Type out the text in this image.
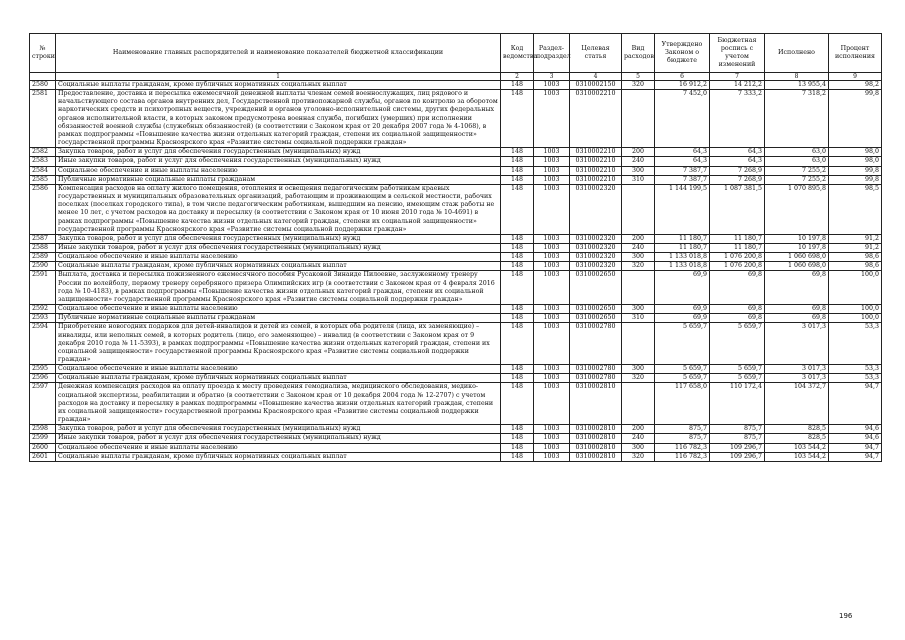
№ строки	Наименование главных распорядителей и наименование показателей бюджетной классификации	Код ведомства	Раздел-подраздел	Целевая статья	Вид расходов	Утверждено Законом о бюджете	Бюджетная роспись с учетом изменений	Исполнено	Процент исполнения
	1	2	3	4	5	6	7	8	9
2580	Социальные выплаты гражданам, кроме публичных нормативных социальных выплат	148	1003	0310002150	320	16 912,2	14 212,2	13 955,4	98,2
2581	Предоставление, доставка и пересылка ежемесячной денежной выплаты членам семей военнослужащих, лиц рядового и начальствующего состава органов внутренних дел, Государственной противопожарной службы, органов по контролю за оборотом наркотических средств и психотропных веществ, учреждений и органов уголовно-исполнительной системы, других федеральных органов исполнительной власти, в которых законом предусмотрена военная служба, погибших (умерших) при исполнении обязанностей военной службы (служебных обязанностей) (в соответствии с Законом края от 20 декабря 2007 года № 4-1068), в рамках подпрограммы «Повышение качества жизни отдельных категорий граждан, степени их социальной защищенности» государственной программы Красноярского края «Развитие системы социальной поддержки граждан»	148	1003	0310002210		7 452,0	7 333,2	7 318,2	99,8
2582	Закупка товаров, работ и услуг для обеспечения государственных (муниципальных) нужд	148	1003	0310002210	200	64,3	64,3	63,0	98,0
2583	Иные закупки товаров, работ и услуг для обеспечения государственных (муниципальных) нужд	148	1003	0310002210	240	64,3	64,3	63,0	98,0
2584	Социальное обеспечение и иные выплаты населению	148	1003	0310002210	300	7 387,7	7 268,9	7 255,2	99,8
2585	Публичные нормативные социальные выплаты гражданам	148	1003	0310002210	310	7 387,7	7 268,9	7 255,2	99,8
2586	Компенсация расходов на оплату жилого помещения, отопления и освещения педагогическим работникам краевых государственных и муниципальных образовательных организаций, работающим и проживающим в сельской местности, рабочих поселках (поселках городского типа), в том числе педагогическим работникам, вышедшим на пенсию, имеющим стаж работы не менее 10 лет, с учетом расходов на доставку и пересылку (в соответствии с Законом края от 10 июня 2010 года № 10-4691) в рамках подпрограммы «Повышение качества жизни отдельных категорий граждан, степени их социальной защищенности» государственной программы Красноярского края «Развитие системы социальной поддержки граждан»	148	1003	0310002320		1 144 199,5	1 087 381,5	1 070 895,8	98,5
2587	Закупка товаров, работ и услуг для обеспечения государственных (муниципальных) нужд	148	1003	0310002320	200	11 180,7	11 180,7	10 197,8	91,2
2588	Иные закупки товаров, работ и услуг для обеспечения государственных (муниципальных) нужд	148	1003	0310002320	240	11 180,7	11 180,7	10 197,8	91,2
2589	Социальное обеспечение и иные выплаты населению	148	1003	0310002320	300	1 133 018,8	1 076 200,8	1 060 698,0	98,6
2590	Социальные выплаты гражданам, кроме публичных нормативных социальных выплат	148	1003	0310002320	320	1 133 018,8	1 076 200,8	1 060 698,0	98,6
2591	Выплата, доставка и пересылка пожизненного ежемесячного пособия Русаковой Зинаиде Пилоевне, заслуженному тренеру России по волейболу, первому тренеру серебряного призера Олимпийских игр (в соответствии с Законом края от 4 февраля 2016 года № 10-4183), в рамках подпрограммы «Повышение качества жизни отдельных категорий граждан, степени их социальной защищенности» государственной программы Красноярского края «Развитие системы социальной поддержки граждан»	148	1003	0310002650		69,9	69,8	69,8	100,0
2592	Социальное обеспечение и иные выплаты населению	148	1003	0310002650	300	69,9	69,8	69,8	100,0
2593	Публичные нормативные социальные выплаты гражданам	148	1003	0310002650	310	69,9	69,8	69,8	100,0
2594	Приобретение новогодних подарков для детей-инвалидов и детей из семей, в которых оба родителя (лица, их заменяющие) – инвалиды, или неполных семей, в которых родитель (лицо, его заменяющее) – инвалид (в соответствии с Законом края от 9 декабря 2010 года № 11-5393), в рамках подпрограммы «Повышение качества жизни отдельных категорий граждан, степени их социальной защищенности» государственной программы Красноярского края «Развитие системы социальной поддержки граждан»	148	1003	0310002780		5 659,7	5 659,7	3 017,3	53,3
2595	Социальное обеспечение и иные выплаты населению	148	1003	0310002780	300	5 659,7	5 659,7	3 017,3	53,3
2596	Социальные выплаты гражданам, кроме публичных нормативных социальных выплат	148	1003	0310002780	320	5 659,7	5 659,7	3 017,3	53,3
2597	Денежная компенсация расходов на оплату проезда к месту проведения гемодиализа, медицинского обследования, медико-социальной экспертизы, реабилитации и обратно (в соответствии с Законом края от 10 декабря 2004 года № 12-2707) с учетом расходов на доставку и пересылку в рамках подпрограммы «Повышение качества жизни отдельных категорий граждан, степени их социальной защищенности» государственной программы Красноярского края «Развитие системы социальной поддержки граждан»	148	1003	0310002810		117 658,0	110 172,4	104 372,7	94,7
2598	Закупка товаров, работ и услуг для обеспечения государственных (муниципальных) нужд	148	1003	0310002810	200	875,7	875,7	828,5	94,6
2599	Иные закупки товаров, работ и услуг для обеспечения государственных (муниципальных) нужд	148	1003	0310002810	240	875,7	875,7	828,5	94,6
2600	Социальное обеспечение и иные выплаты населению	148	1003	0310002810	300	116 782,3	109 296,7	103 544,2	94,7
2601	Социальные выплаты гражданам, кроме публичных нормативных социальных выплат	148	1003	0310002810	320	116 782,3	109 296,7	103 544,2	94,7
196
